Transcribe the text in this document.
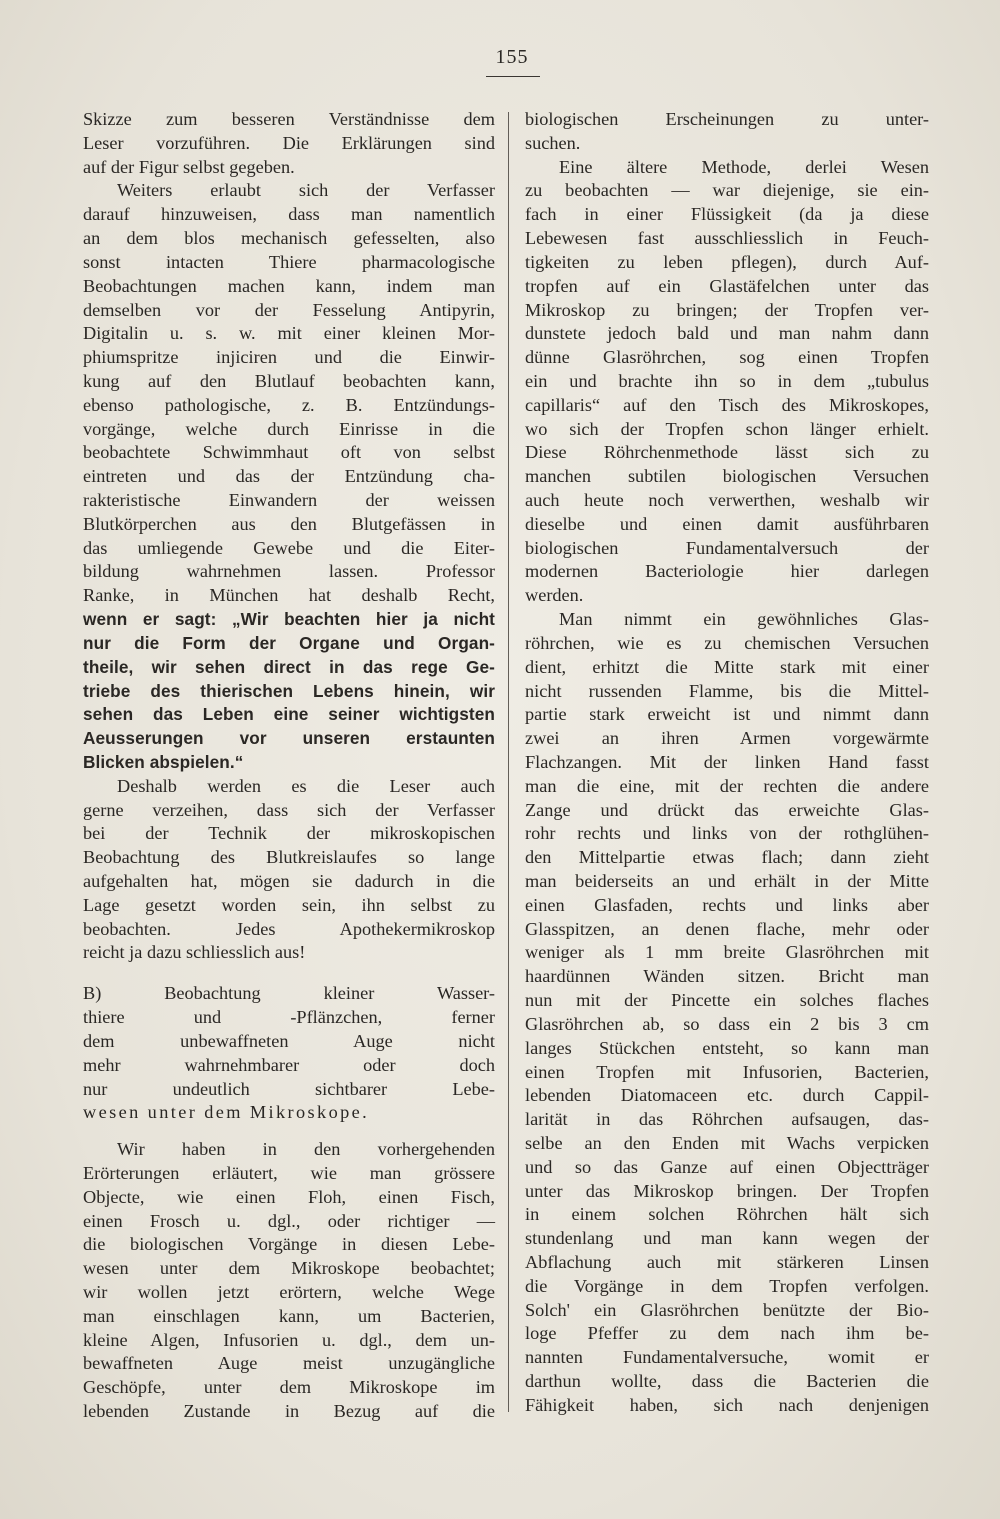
155
Skizze zum besseren Verständnisse dem
Leser vorzuführen. Die Erklärungen sind
auf der Figur selbst gegeben.
Weiters erlaubt sich der Verfasser
darauf hinzuweisen, dass man namentlich
an dem blos mechanisch gefesselten, also
sonst intacten Thiere pharmacologische
Beobachtungen machen kann, indem man
demselben vor der Fesselung Antipyrin,
Digitalin u. s. w. mit einer kleinen Mor-
phiumspritze injiciren und die Einwir-
kung auf den Blutlauf beobachten kann,
ebenso pathologische, z. B. Entzündungs-
vorgänge, welche durch Einrisse in die
beobachtete Schwimmhaut oft von selbst
eintreten und das der Entzündung cha-
rakteristische Einwandern der weissen
Blutkörperchen aus den Blutgefässen in
das umliegende Gewebe und die Eiter-
bildung wahrnehmen lassen. Professor
Ranke, in München hat deshalb Recht,
wenn er sagt: „Wir beachten hier ja nicht
nur die Form der Organe und Organ-
theile, wir sehen direct in das rege Ge-
triebe des thierischen Lebens hinein, wir
sehen das Leben eine seiner wichtigsten
Aeusserungen vor unseren erstaunten
Blicken abspielen.“
Deshalb werden es die Leser auch
gerne verzeihen, dass sich der Verfasser
bei der Technik der mikroskopischen
Beobachtung des Blutkreislaufes so lange
aufgehalten hat, mögen sie dadurch in die
Lage gesetzt worden sein, ihn selbst zu
beobachten. Jedes Apothekermikroskop
reicht ja dazu schliesslich aus!
B) Beobachtung kleiner Wasser-
thiere und -Pflänzchen, ferner
dem unbewaffneten Auge nicht
mehr wahrnehmbarer oder doch
nur undeutlich sichtbarer Lebe-
wesen unter dem Mikroskope.
Wir haben in den vorhergehenden
Erörterungen erläutert, wie man grössere
Objecte, wie einen Floh, einen Fisch,
einen Frosch u. dgl., oder richtiger —
die biologischen Vorgänge in diesen Lebe-
wesen unter dem Mikroskope beobachtet;
wir wollen jetzt erörtern, welche Wege
man einschlagen kann, um Bacterien,
kleine Algen, Infusorien u. dgl., dem un-
bewaffneten Auge meist unzugängliche
Geschöpfe, unter dem Mikroskope im
lebenden Zustande in Bezug auf die
biologischen Erscheinungen zu unter-
suchen.
Eine ältere Methode, derlei Wesen
zu beobachten — war diejenige, sie ein-
fach in einer Flüssigkeit (da ja diese
Lebewesen fast ausschliesslich in Feuch-
tigkeiten zu leben pflegen), durch Auf-
tropfen auf ein Glastäfelchen unter das
Mikroskop zu bringen; der Tropfen ver-
dunstete jedoch bald und man nahm dann
dünne Glasröhrchen, sog einen Tropfen
ein und brachte ihn so in dem „tubulus
capillaris“ auf den Tisch des Mikroskopes,
wo sich der Tropfen schon länger erhielt.
Diese Röhrchenmethode lässt sich zu
manchen subtilen biologischen Versuchen
auch heute noch verwerthen, weshalb wir
dieselbe und einen damit ausführbaren
biologischen Fundamentalversuch der
modernen Bacteriologie hier darlegen
werden.
Man nimmt ein gewöhnliches Glas-
röhrchen, wie es zu chemischen Versuchen
dient, erhitzt die Mitte stark mit einer
nicht russenden Flamme, bis die Mittel-
partie stark erweicht ist und nimmt dann
zwei an ihren Armen vorgewärmte
Flachzangen. Mit der linken Hand fasst
man die eine, mit der rechten die andere
Zange und drückt das erweichte Glas-
rohr rechts und links von der rothglühen-
den Mittelpartie etwas flach; dann zieht
man beiderseits an und erhält in der Mitte
einen Glasfaden, rechts und links aber
Glasspitzen, an denen flache, mehr oder
weniger als 1 mm breite Glasröhrchen mit
haardünnen Wänden sitzen. Bricht man
nun mit der Pincette ein solches flaches
Glasröhrchen ab, so dass ein 2 bis 3 cm
langes Stückchen entsteht, so kann man
einen Tropfen mit Infusorien, Bacterien,
lebenden Diatomaceen etc. durch Cappil-
larität in das Röhrchen aufsaugen, das-
selbe an den Enden mit Wachs verpicken
und so das Ganze auf einen Objectträger
unter das Mikroskop bringen. Der Tropfen
in einem solchen Röhrchen hält sich
stundenlang und man kann wegen der
Abflachung auch mit stärkeren Linsen
die Vorgänge in dem Tropfen verfolgen.
Solch' ein Glasröhrchen benützte der Bio-
loge Pfeffer zu dem nach ihm be-
nannten Fundamentalversuche, womit er
darthun wollte, dass die Bacterien die
Fähigkeit haben, sich nach denjenigen
